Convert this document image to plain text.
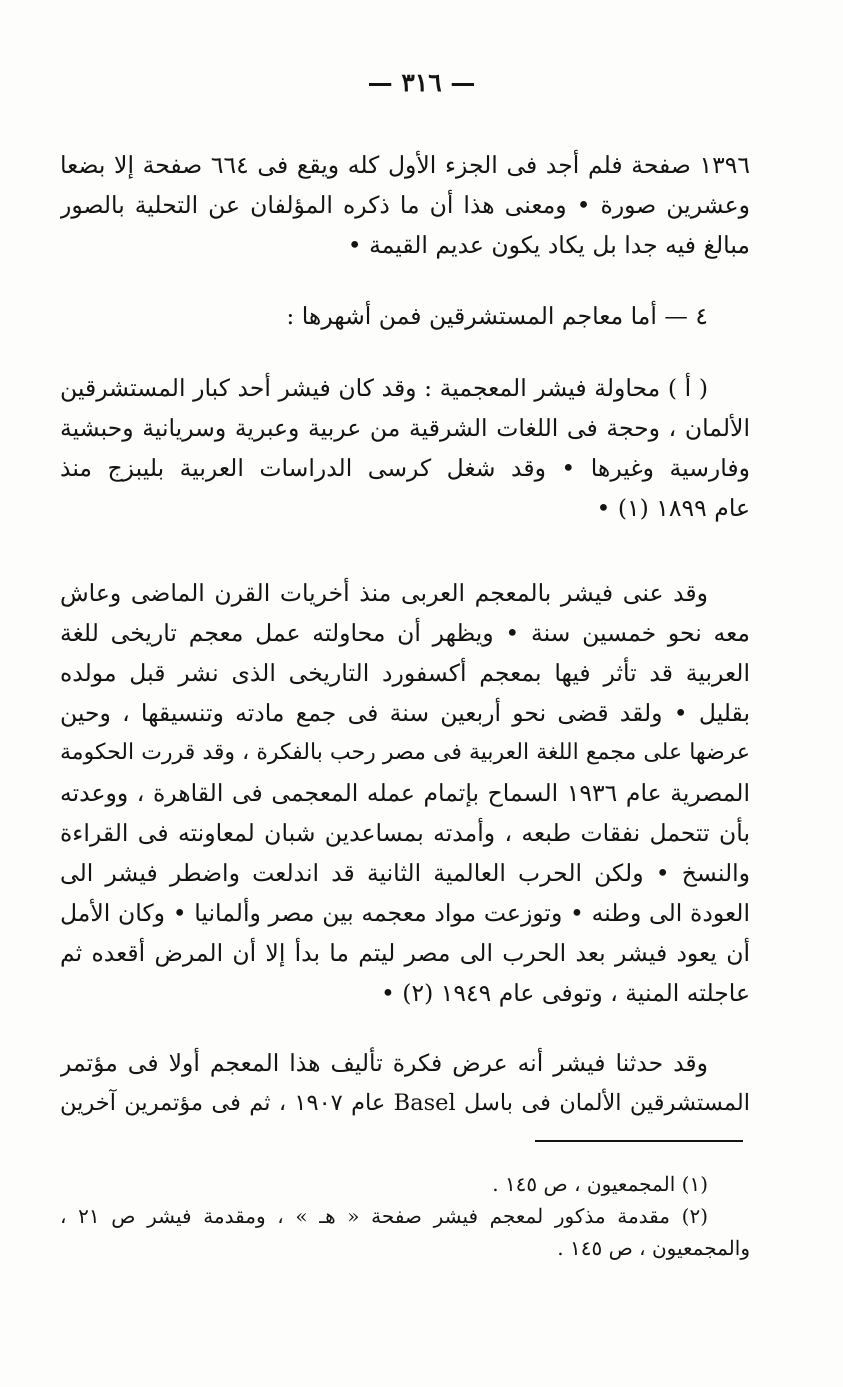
— ٣١٦ —
١٣٩٦ صفحة فلم أجد فى الجزء الأول كله ويقع فى ٦٦٤ صفحة إلا بضعا
وعشرين صورة • ومعنى هذا أن ما ذكره المؤلفان عن التحلية بالصور
مبالغ فيه جدا بل يكاد يكون عديم القيمة •
٤ — أما معاجم المستشرقين فمن أشهرها :
( أ ) محاولة فيشر المعجمية : وقد كان فيشر أحد كبار المستشرقين
الألمان ، وحجة فى اللغات الشرقية من عربية وعبرية وسريانية وحبشية
وفارسية وغيرها • وقد شغل كرسى الدراسات العربية بليبزج منذ
عام ١٨٩٩ (١) •
وقد عنى فيشر بالمعجم العربى منذ أخريات القرن الماضى وعاش
معه نحو خمسين سنة • ويظهر أن محاولته عمل معجم تاريخى للغة
العربية قد تأثر فيها بمعجم أكسفورد التاريخى الذى نشر قبل مولده
بقليل • ولقد قضى نحو أربعين سنة فى جمع مادته وتنسيقها ، وحين
عرضها على مجمع اللغة العربية فى مصر رحب بالفكرة ، وقد قررت الحكومة
المصرية عام ١٩٣٦ السماح بإتمام عمله المعجمى فى القاهرة ، ووعدته
بأن تتحمل نفقات طبعه ، وأمدته بمساعدين شبان لمعاونته فى القراءة
والنسخ • ولكن الحرب العالمية الثانية قد اندلعت واضطر فيشر الى
العودة الى وطنه • وتوزعت مواد معجمه بين مصر وألمانيا • وكان الأمل
أن يعود فيشر بعد الحرب الى مصر ليتم ما بدأ إلا أن المرض أقعده ثم
عاجلته المنية ، وتوفى عام ١٩٤٩ (٢) •
وقد حدثنا فيشر أنه عرض فكرة تأليف هذا المعجم أولا فى مؤتمر
المستشرقين الألمان فى باسل Basel عام ١٩٠٧ ، ثم فى مؤتمرين آخرين
(١) المجمعيون ، ص ١٤٥ .
(٢) مقدمة مذكور لمعجم فيشر صفحة « هـ » ، ومقدمة فيشر ص ٢١ ،
والمجمعيون ، ص ١٤٥ .
